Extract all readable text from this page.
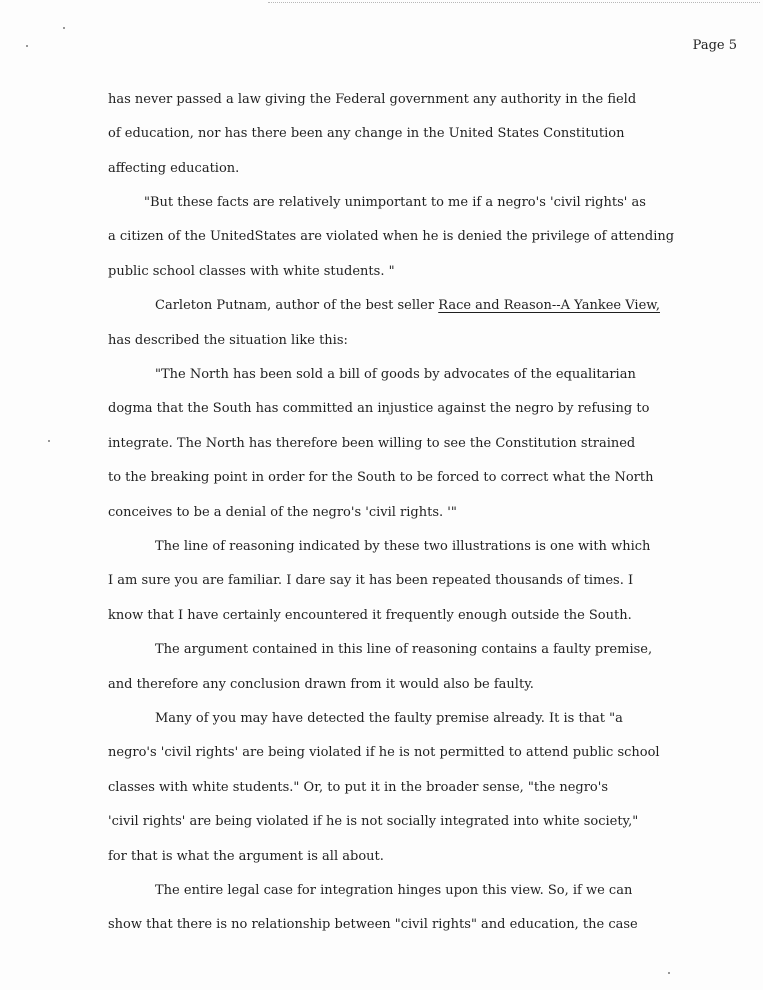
Page 5
has never passed a law giving the Federal government any authority in the field
of education, nor has there been any change in the United States Constitution
affecting education.
"But these facts are relatively unimportant to me if a negro's 'civil rights' as
a citizen of the UnitedStates are violated when he is denied the privilege of attending
public school classes with white students. "
Carleton Putnam, author of the best seller Race and Reason--A Yankee View,
has described the situation like this:
"The North has been sold a bill of goods by advocates of the equalitarian
dogma that the South has committed an injustice against the negro by refusing to
integrate. The North has therefore been willing to see the Constitution strained
to the breaking point in order for the South to be forced to correct what the North
conceives to be a denial of the negro's 'civil rights. '"
The line of reasoning indicated by these two illustrations is one with which
I am sure you are familiar. I dare say it has been repeated thousands of times. I
know that I have certainly encountered it frequently enough outside the South.
The argument contained in this line of reasoning contains a faulty premise,
and therefore any conclusion drawn from it would also be faulty.
Many of you may have detected the faulty premise already. It is that "a
negro's 'civil rights' are being violated if he is not permitted to attend public school
classes with white students." Or, to put it in the broader sense, "the negro's
'civil rights' are being violated if he is not socially integrated into white society,"
for that is what the argument is all about.
The entire legal case for integration hinges upon this view. So, if we can
show that there is no relationship between "civil rights" and education, the case
